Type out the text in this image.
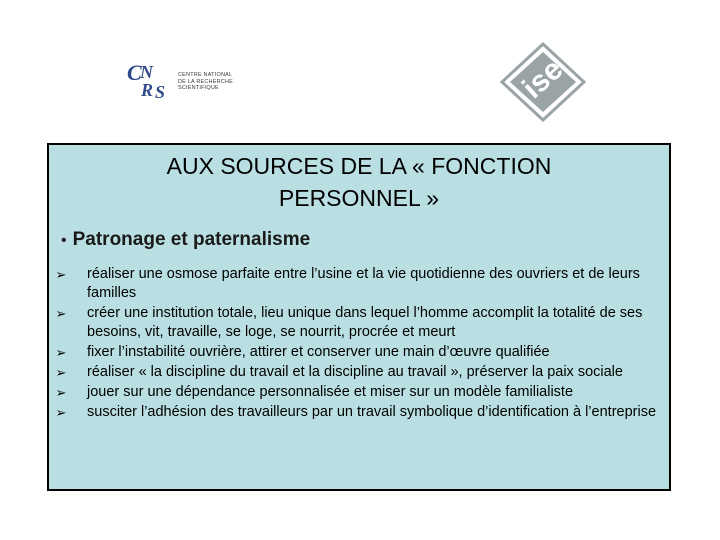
C
N
R S
CENTRE NATIONAL
DE LA RECHERCHE
SCIENTIFIQUE	ise
AUX SOURCES DE LA « FONCTION
PERSONNEL »
• Patronage et paternalisme
➢ réaliser une osmose parfaite entre l’usine et la vie quotidienne des ouvriers et de leurs familles
➢ créer une institution totale, lieu unique dans lequel l’homme accomplit la totalité de ses besoins, vit, travaille, se loge, se nourrit, procrée et meurt
➢ fixer l’instabilité ouvrière, attirer et conserver une main d’œuvre qualifiée
➢ réaliser « la discipline du travail et la discipline au travail », préserver la paix sociale
➢ jouer sur une dépendance personnalisée et miser sur un modèle familialiste
➢ susciter l’adhésion des travailleurs par un travail symbolique d’identification à l’entreprise
